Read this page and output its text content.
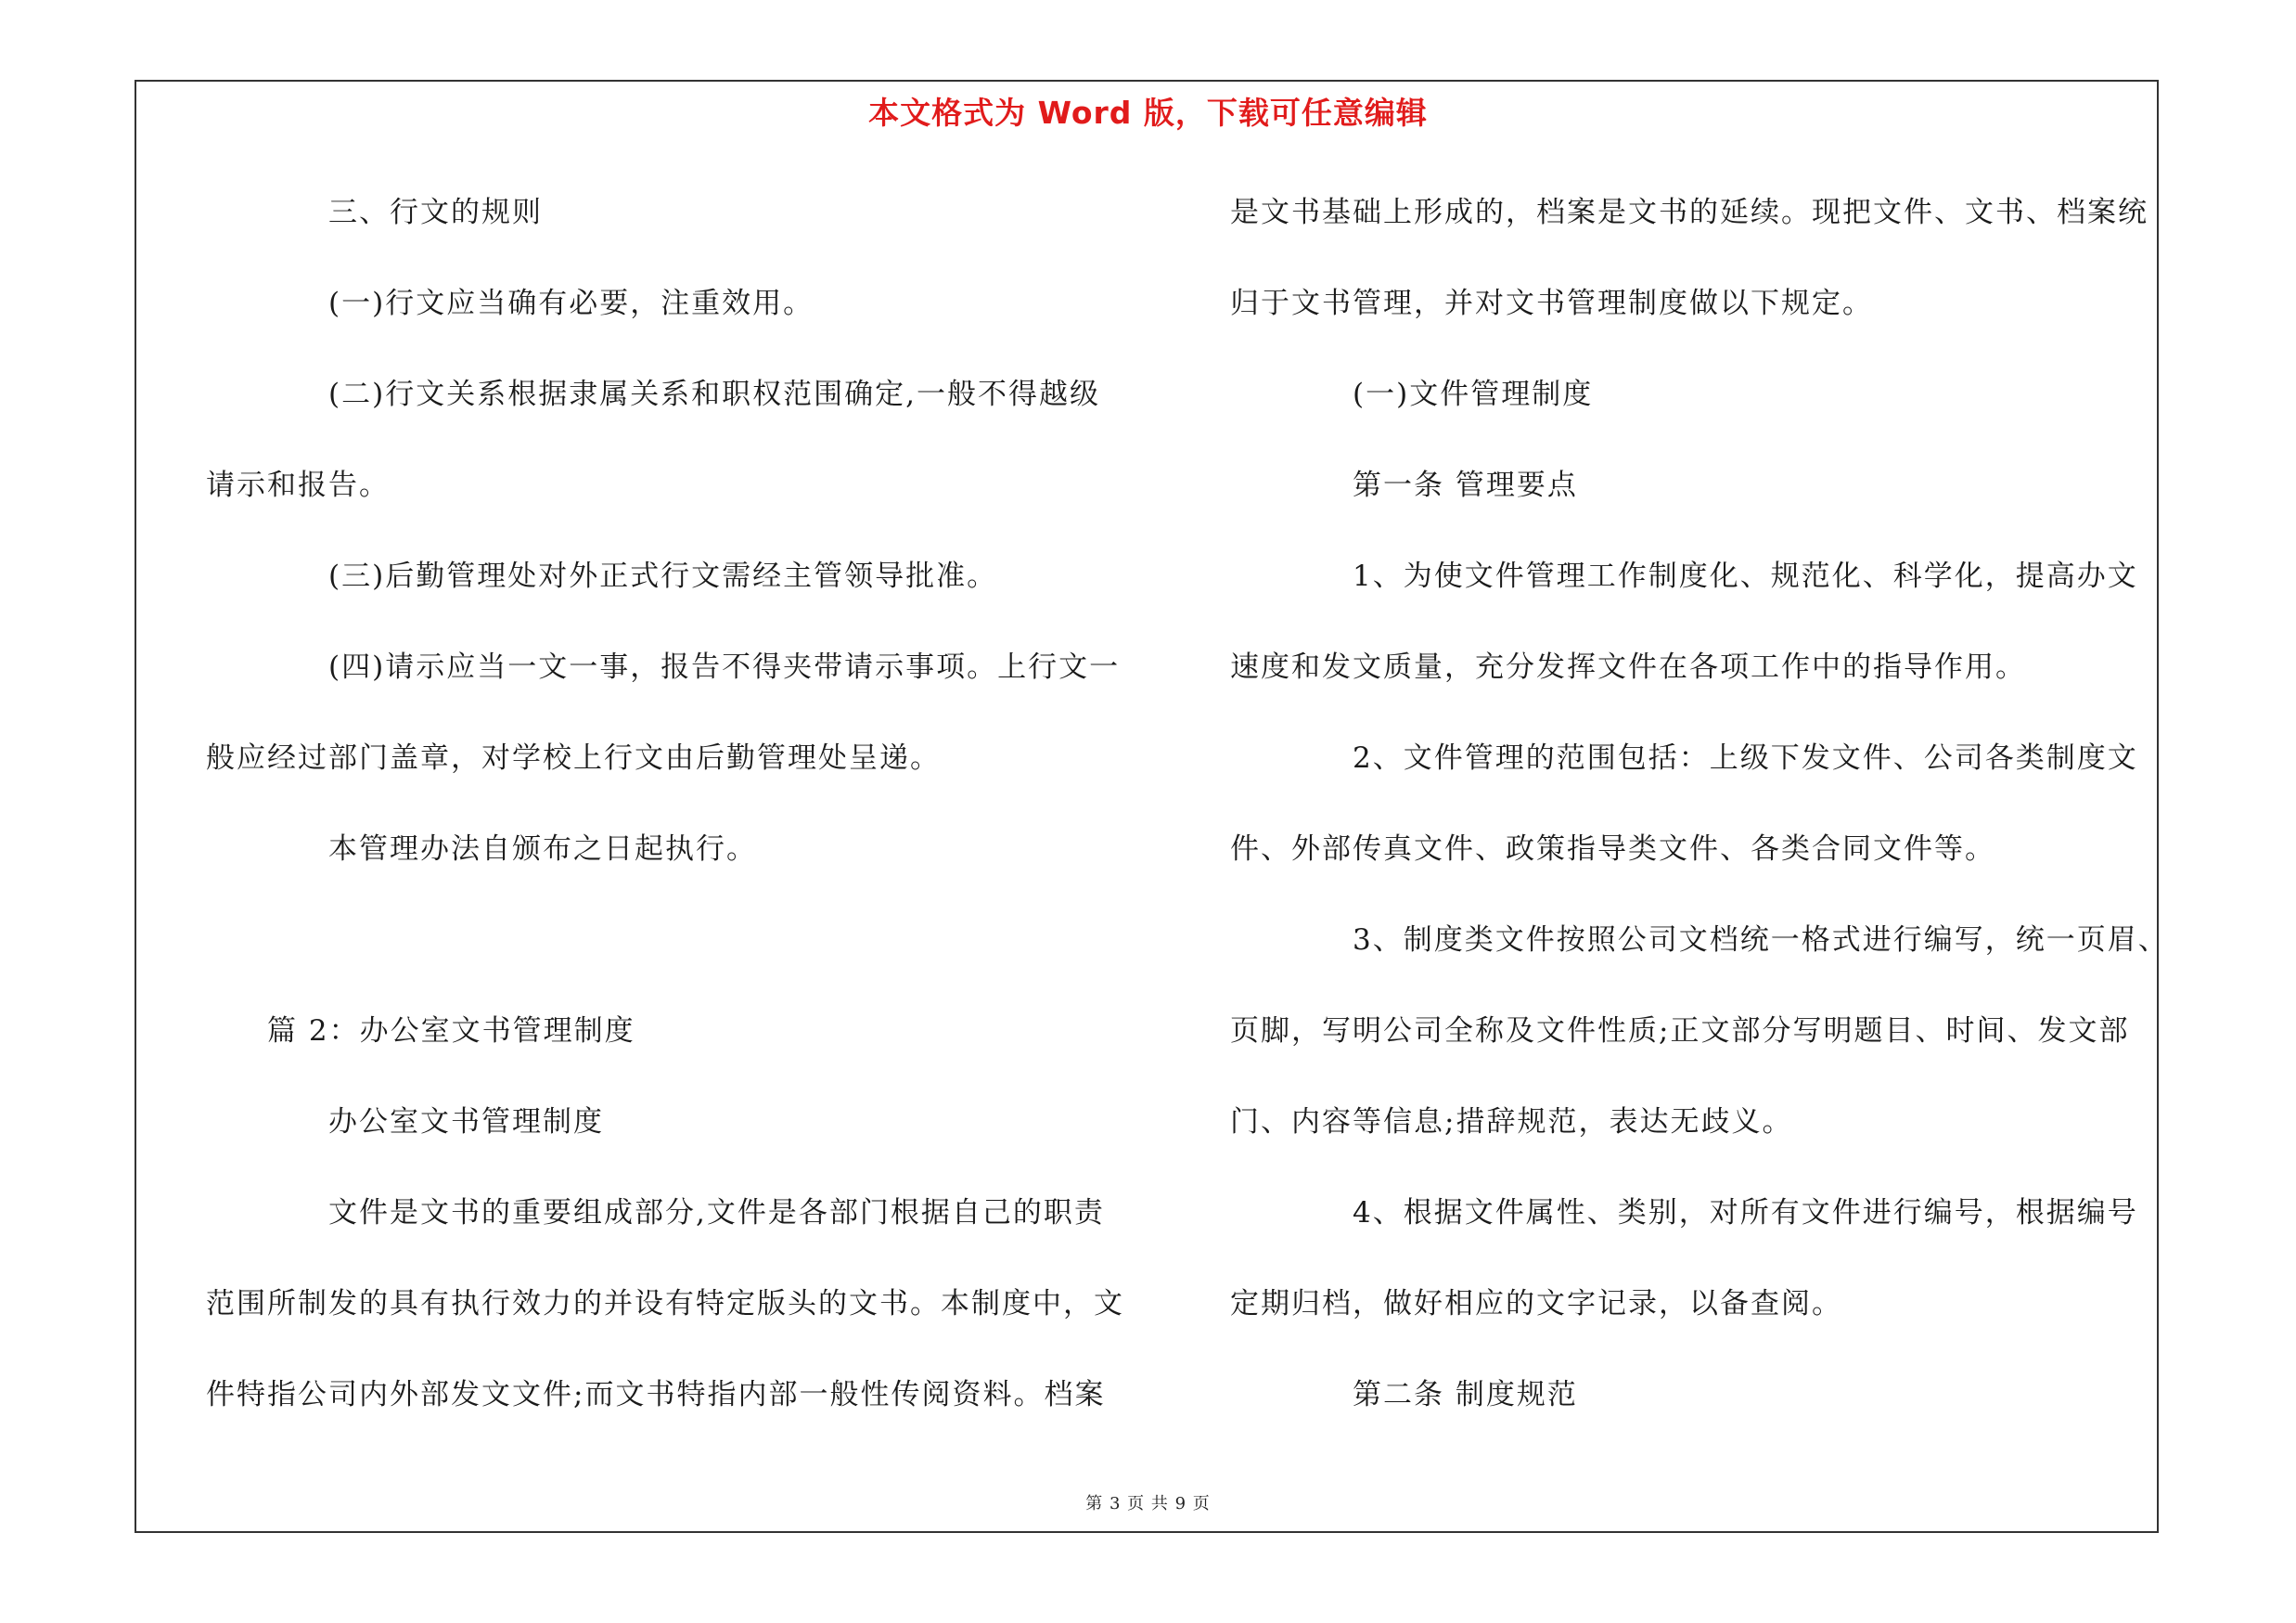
本文格式为 Word 版，下载可任意编辑
三、行文的规则
(一)行文应当确有必要，注重效用。
(二)行文关系根据隶属关系和职权范围确定,一般不得越级
请示和报告。
(三)后勤管理处对外正式行文需经主管领导批准。
(四)请示应当一文一事，报告不得夹带请示事项。上行文一
般应经过部门盖章，对学校上行文由后勤管理处呈递。
本管理办法自颁布之日起执行。
篇 2：办公室文书管理制度
办公室文书管理制度
文件是文书的重要组成部分,文件是各部门根据自己的职责
范围所制发的具有执行效力的并设有特定版头的文书。本制度中，文
件特指公司内外部发文文件;而文书特指内部一般性传阅资料。档案
是文书基础上形成的，档案是文书的延续。现把文件、文书、档案统
归于文书管理，并对文书管理制度做以下规定。
(一)文件管理制度
第一条 管理要点
1、为使文件管理工作制度化、规范化、科学化，提高办文
速度和发文质量，充分发挥文件在各项工作中的指导作用。
2、文件管理的范围包括：上级下发文件、公司各类制度文
件、外部传真文件、政策指导类文件、各类合同文件等。
3、制度类文件按照公司文档统一格式进行编写，统一页眉、
页脚，写明公司全称及文件性质;正文部分写明题目、时间、发文部
门、内容等信息;措辞规范，表达无歧义。
4、根据文件属性、类别，对所有文件进行编号，根据编号
定期归档，做好相应的文字记录，以备查阅。
第二条 制度规范
第 3 页 共 9 页
